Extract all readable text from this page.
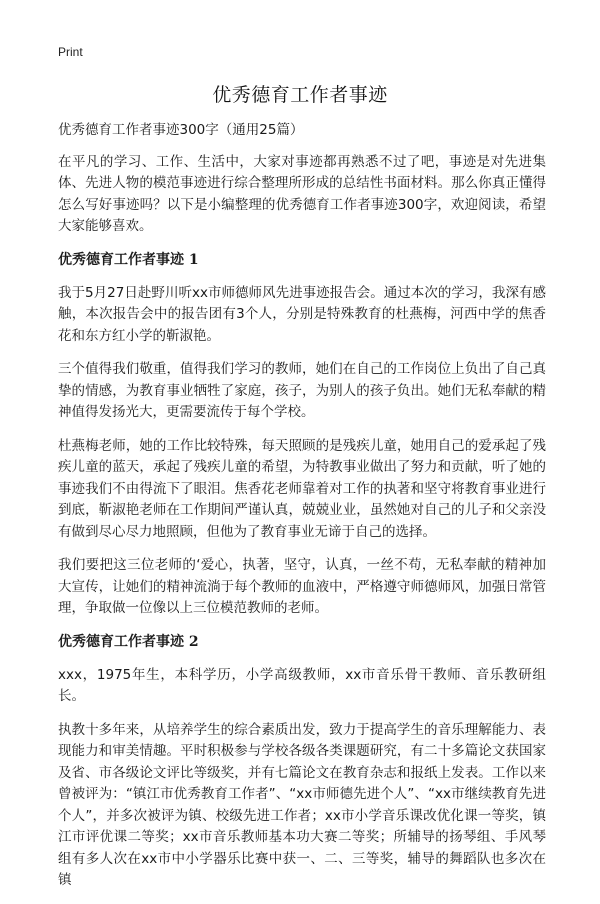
Print
优秀德育工作者事迹

优秀德育工作者事迹300字（通用25篇）

在平凡的学习、工作、生活中，大家对事迹都再熟悉不过了吧，事迹是对先进集体、先进人物的模范事迹进行综合整理所形成的总结性书面材料。那么你真正懂得怎么写好事迹吗？以下是小编整理的优秀德育工作者事迹300字，欢迎阅读，希望大家能够喜欢。

优秀德育工作者事迹 1

我于5月27日赴野川听xx市师德师风先进事迹报告会。通过本次的学习，我深有感触，本次报告会中的报告团有3个人，分别是特殊教育的杜燕梅，河西中学的焦香花和东方红小学的靳淑艳。

三个值得我们敬重，值得我们学习的教师，她们在自己的工作岗位上负出了自己真挚的情感，为教育事业牺牲了家庭，孩子，为别人的孩子负出。她们无私奉献的精神值得发扬光大，更需要流传于每个学校。

杜燕梅老师，她的工作比较特殊，每天照顾的是残疾儿童，她用自己的爱承起了残疾儿童的蓝天，承起了残疾儿童的希望，为特教事业做出了努力和贡献，听了她的事迹我们不由得流下了眼泪。焦香花老师靠着对工作的执著和坚守将教育事业进行到底，靳淑艳老师在工作期间严谨认真，兢兢业业，虽然她对自己的儿子和父亲没有做到尽心尽力地照顾，但他为了教育事业无谛于自己的选择。

我们要把这三位老师的‘爱心，执著，坚守，认真，一丝不苟，无私奉献的精神加大宣传，让她们的精神流淌于每个教师的血液中，严格遵守师德师风，加强日常管理，争取做一位像以上三位模范教师的老师。

优秀德育工作者事迹 2

xxx，1975年生，本科学历，小学高级教师，xx市音乐骨干教师、音乐教研组长。

执教十多年来，从培养学生的综合素质出发，致力于提高学生的音乐理解能力、表现能力和审美情趣。平时积极参与学校各级各类课题研究，有二十多篇论文获国家及省、市各级论文评比等级奖，并有七篇论文在教育杂志和报纸上发表。工作以来曾被评为：“镇江市优秀教育工作者”、“xx市师德先进个人”、“xx市继续教育先进个人”，并多次被评为镇、校级先进工作者；xx市小学音乐课改优化课一等奖，镇江市评优课二等奖；xx市音乐教师基本功大赛二等奖；所辅导的扬琴组、手风琴组有多人次在xx市中小学器乐比赛中获一、二、三等奖，辅导的舞蹈队也多次在镇
